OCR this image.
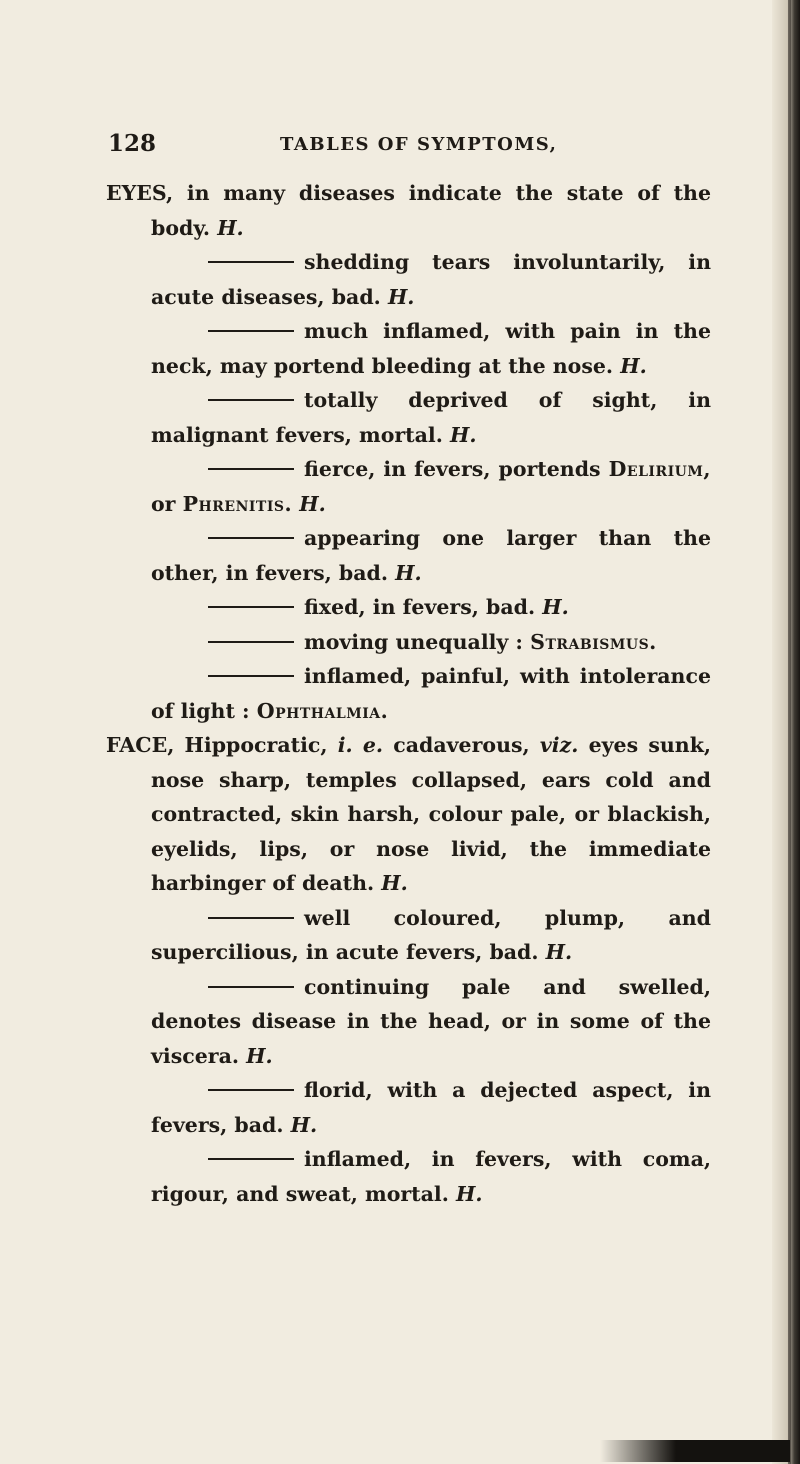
128	TABLES OF SYMPTOMS,

EYES, in many diseases indicate the state of the body. H.

shedding tears involuntarily, in acute diseases, bad. H.

much inflamed, with pain in the neck, may portend bleeding at the nose. H.

totally deprived of sight, in malignant fevers, mortal. H.

fierce, in fevers, portends Delirium, or Phrenitis. H.

appearing one larger than the other, in fevers, bad. H.

fixed, in fevers, bad. H.

moving unequally : Strabismus.

inflamed, painful, with intolerance of light : Ophthalmia.

FACE, Hippocratic, i. e. cadaverous, viz. eyes sunk, nose sharp, temples collapsed, ears cold and contracted, skin harsh, colour pale, or blackish, eyelids, lips, or nose livid, the immediate harbinger of death. H.

well coloured, plump, and supercilious, in acute fevers, bad. H.

continuing pale and swelled, denotes disease in the head, or in some of the viscera. H.

florid, with a dejected aspect, in fevers, bad. H.

inflamed, in fevers, with coma, rigour, and sweat, mortal. H.
